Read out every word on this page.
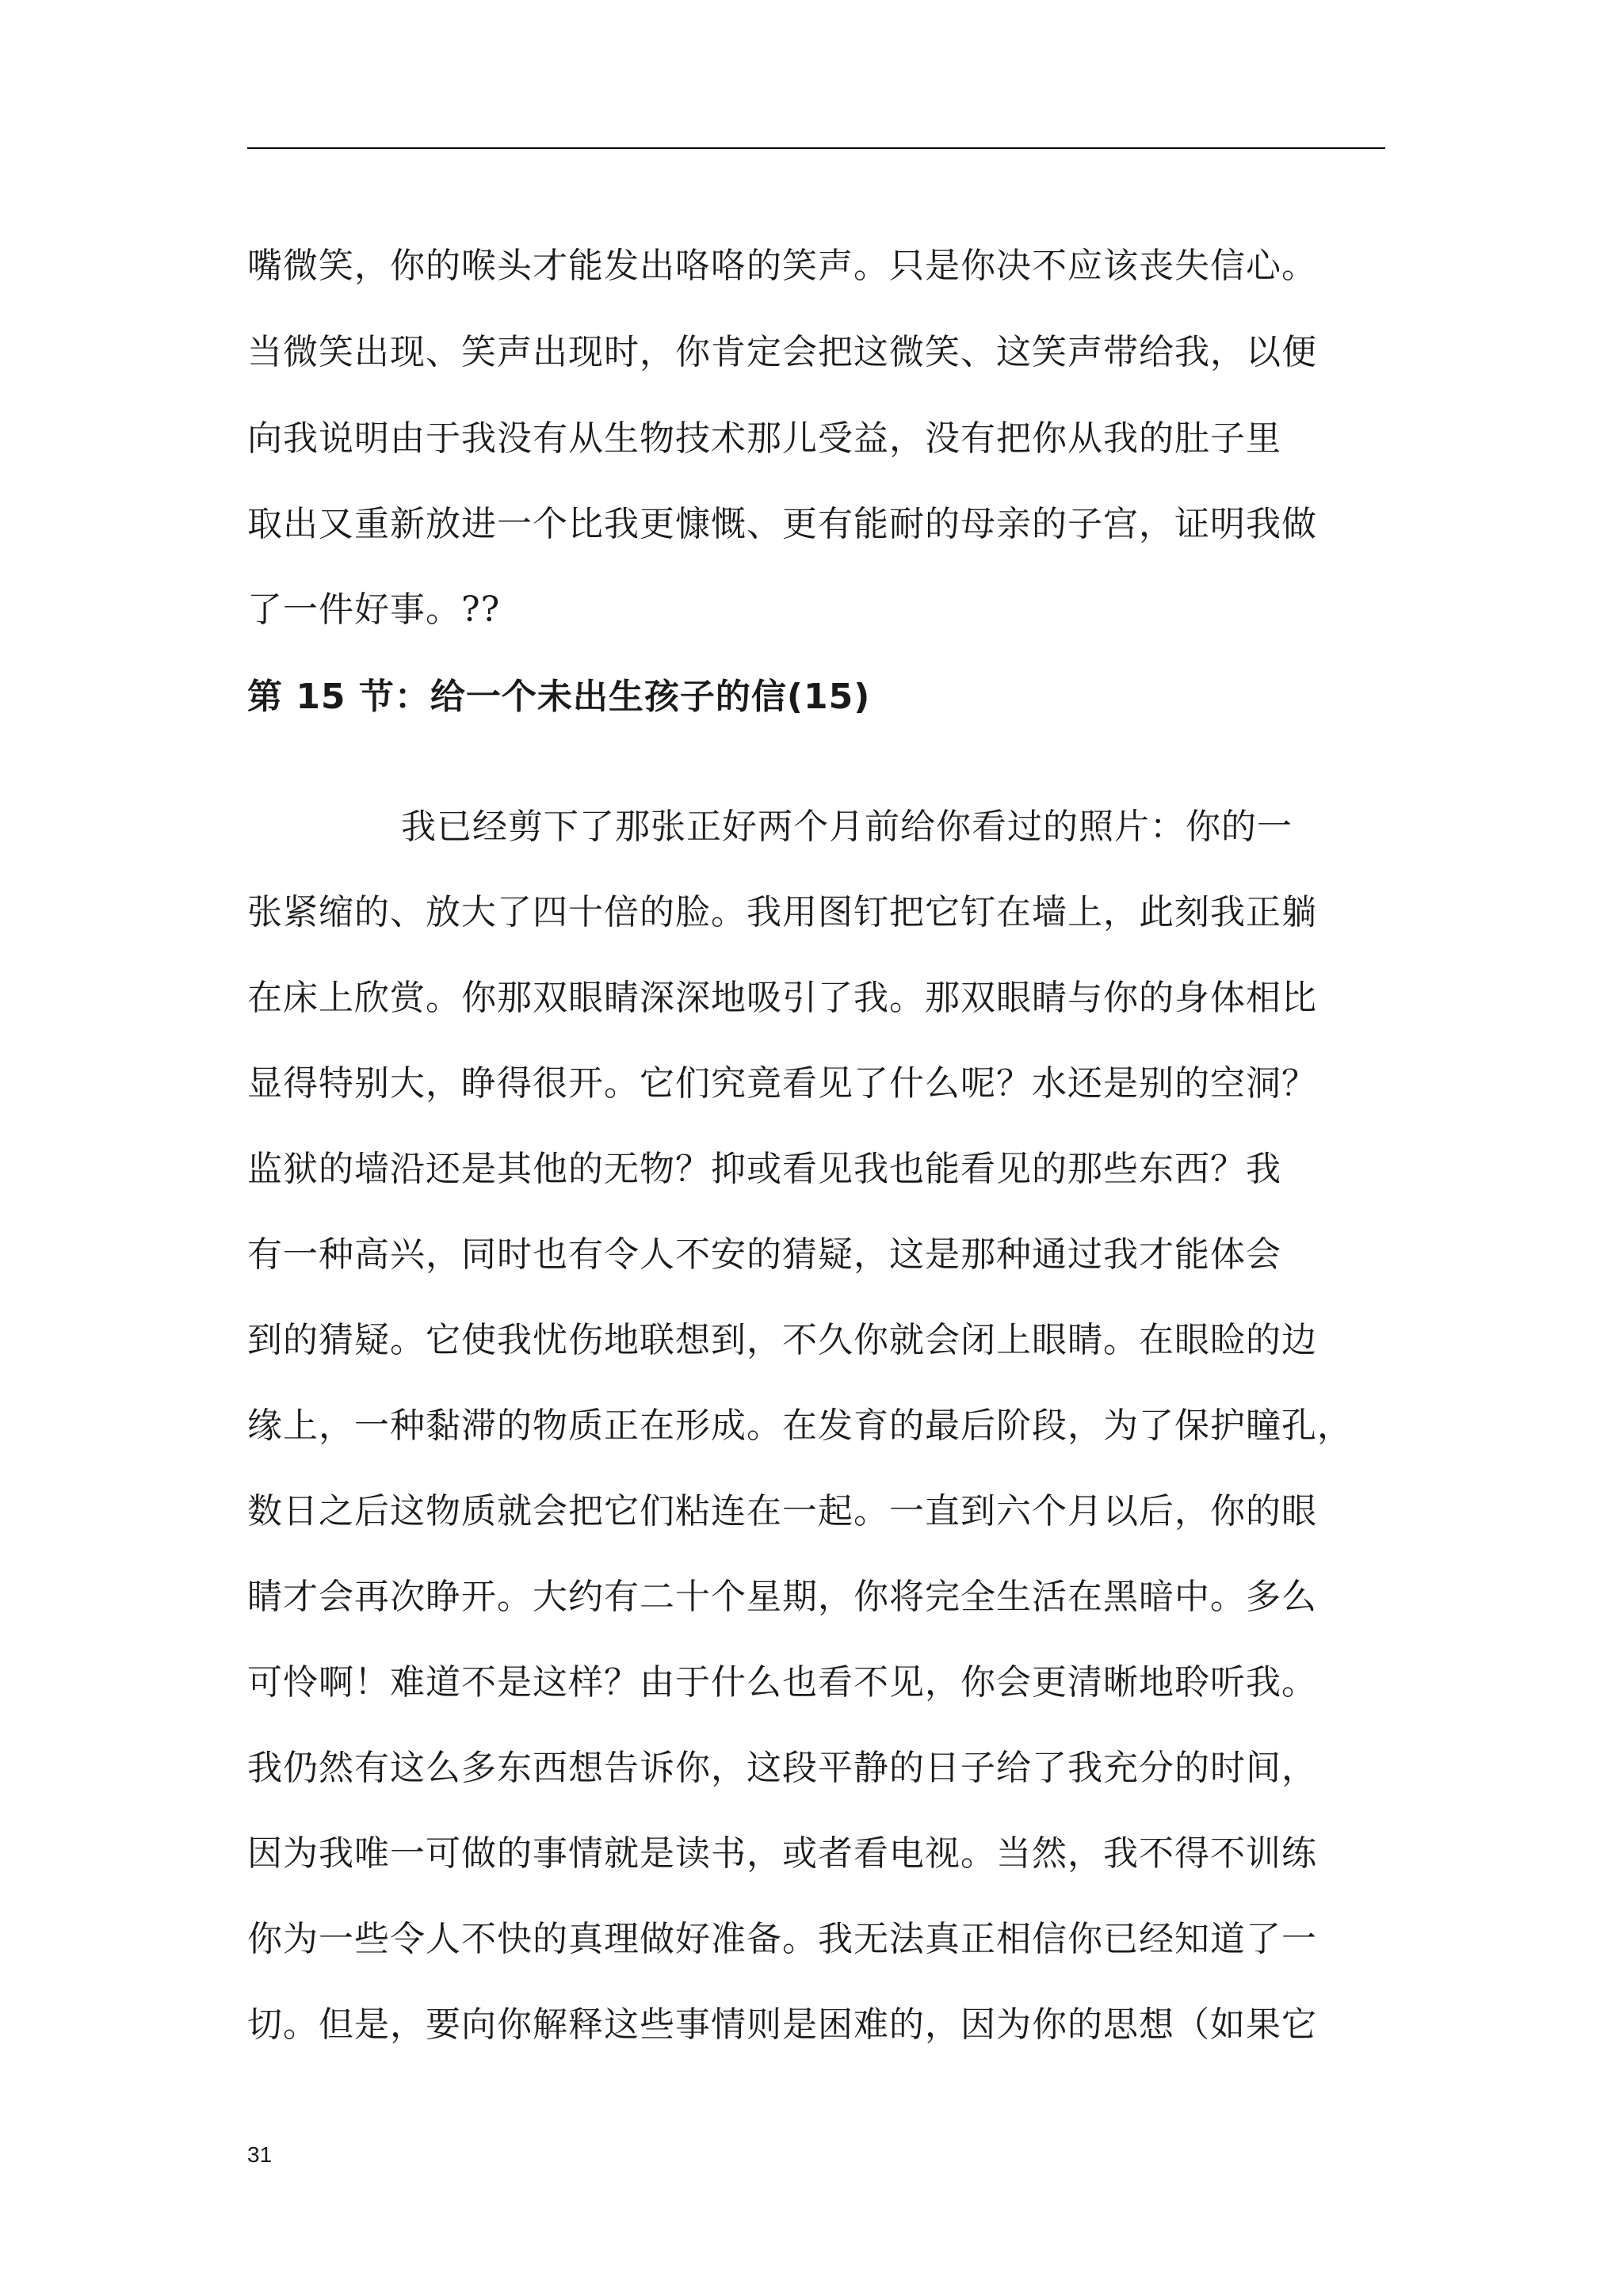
嘴微笑，你的喉头才能发出咯咯的笑声。只是你决不应该丧失信心。
当微笑出现、笑声出现时，你肯定会把这微笑、这笑声带给我，以便
向我说明由于我没有从生物技术那儿受益，没有把你从我的肚子里
取出又重新放进一个比我更慷慨、更有能耐的母亲的子宫，证明我做
了一件好事。??
第 15 节：给一个未出生孩子的信(15)
我已经剪下了那张正好两个月前给你看过的照片：你的一
张紧缩的、放大了四十倍的脸。我用图钉把它钉在墙上，此刻我正躺
在床上欣赏。你那双眼睛深深地吸引了我。那双眼睛与你的身体相比
显得特别大，睁得很开。它们究竟看见了什么呢？水还是别的空洞？
监狱的墙沿还是其他的无物？抑或看见我也能看见的那些东西？我
有一种高兴，同时也有令人不安的猜疑，这是那种通过我才能体会
到的猜疑。它使我忧伤地联想到，不久你就会闭上眼睛。在眼睑的边
缘上，一种黏滞的物质正在形成。在发育的最后阶段，为了保护瞳孔，
数日之后这物质就会把它们粘连在一起。一直到六个月以后，你的眼
睛才会再次睁开。大约有二十个星期，你将完全生活在黑暗中。多么
可怜啊！难道不是这样？由于什么也看不见，你会更清晰地聆听我。
我仍然有这么多东西想告诉你，这段平静的日子给了我充分的时间，
因为我唯一可做的事情就是读书，或者看电视。当然，我不得不训练
你为一些令人不快的真理做好准备。我无法真正相信你已经知道了一
切。但是，要向你解释这些事情则是困难的，因为你的思想（如果它
31
